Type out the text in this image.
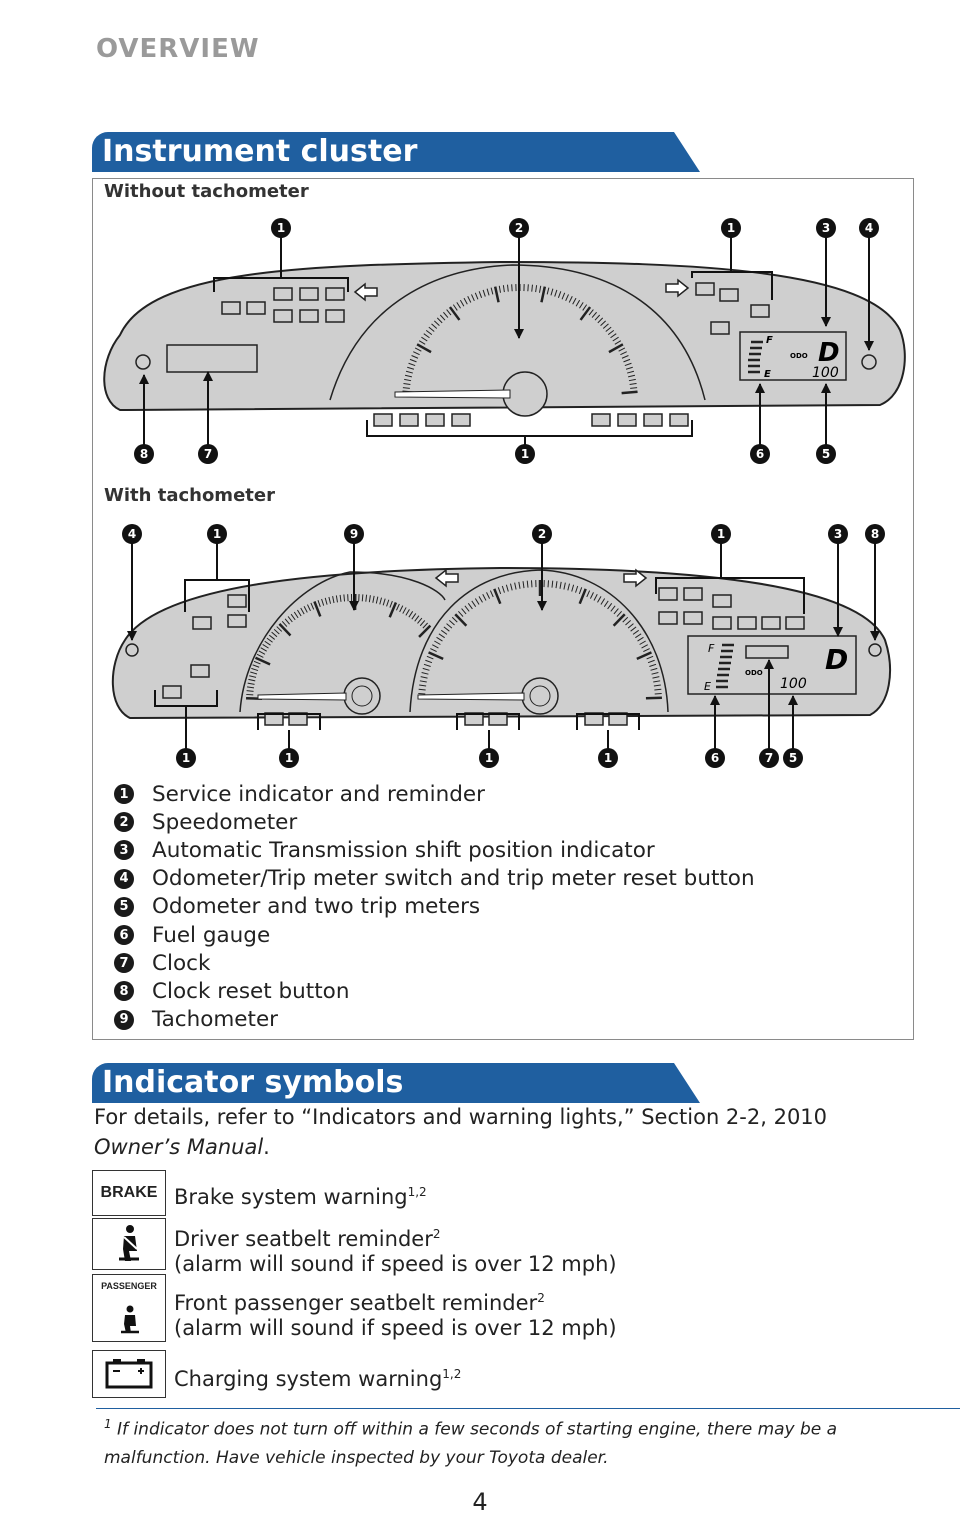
OVERVIEW
Instrument cluster
Without tachometer
With tachometer
F
E
ODO D
100
1	2	1	3	4
8	7	1	6	5
F
E
ODO D
100
4	1	9	2	1	3 8
1	1	1	1	6	7 5
1 Service indicator and reminder
2 Speedometer
3 Automatic Transmission shift position indicator
4 Odometer/Trip meter switch and trip meter reset button
5 Odometer and two trip meters
6 Fuel gauge
7 Clock
8 Clock reset button
9 Tachometer
Indicator symbols
For details, refer to “Indicators and warning lights,” Section 2-2, 2010
Owner’s Manual.
BRAKE Brake system warning$^{1,2}$
Driver seatbelt reminder$^2$
(alarm will sound if speed is over 12 mph)
PASSENGER
Front passenger seatbelt reminder$^2$
(alarm will sound if speed is over 12 mph)
Charging system warning$^{1,2}$
$^1$ If indicator does not turn off within a few seconds of starting engine, there may be a malfunction. Have vehicle inspected by your Toyota dealer.
4
